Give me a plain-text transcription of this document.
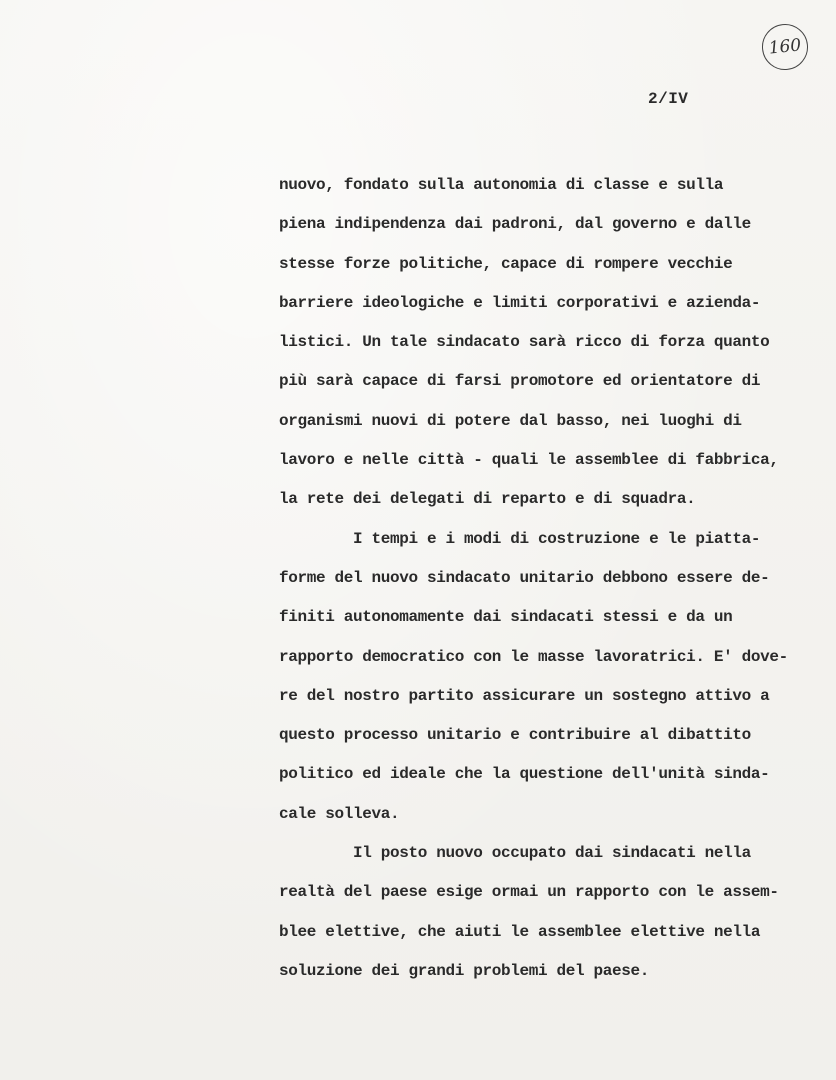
160
2/IV
nuovo, fondato sulla autonomia di classe e sulla
piena indipendenza dai padroni, dal governo e dalle
stesse forze politiche, capace di rompere vecchie
barriere ideologiche e limiti corporativi e azienda-
listici. Un tale sindacato sarà ricco di forza quanto
più sarà capace di farsi promotore ed orientatore di
organismi nuovi di potere dal basso, nei luoghi di
lavoro e nelle città - quali le assemblee di fabbrica,
la rete dei delegati di reparto e di squadra.
I tempi e i modi di costruzione e le piatta-
forme del nuovo sindacato unitario debbono essere de-
finiti autonomamente dai sindacati stessi e da un
rapporto democratico con le masse lavoratrici. E' dove-
re del nostro partito assicurare un sostegno attivo a
questo processo unitario e contribuire al dibattito
politico ed ideale che la questione dell'unità sinda-
cale solleva.
Il posto nuovo occupato dai sindacati nella
realtà del paese esige ormai un rapporto con le assem-
blee elettive, che aiuti le assemblee elettive nella
soluzione dei grandi problemi del paese.
